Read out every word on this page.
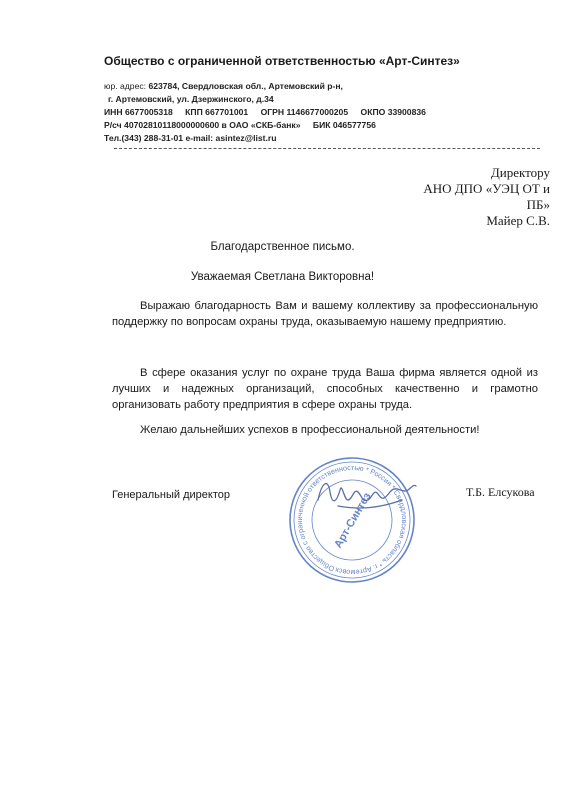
Общество с ограниченной ответственностью «Арт-Синтез»
юр. адрес: 623784, Свердловская обл., Артемовский р-н,
г. Артемовский, ул. Дзержинского, д.34
ИНН 6677005318 КПП 667701001 ОГРН 1146677000205 ОКПО 33900836
Р/сч 40702810118000000600 в ОАО «СКБ-банк» БИК 046577756
Тел.(343) 288-31-01 e-mail: asintez@list.ru
Директору
АНО ДПО «УЭЦ ОТ и
ПБ»
Майер С.В.
Благодарственное письмо.
Уважаемая Светлана Викторовна!
Выражаю благодарность Вам и вашему коллективу за профессиональную поддержку по вопросам охраны труда, оказываемую нашему предприятию.
В сфере оказания услуг по охране труда Ваша фирма является одной из лучших и надежных организаций, способных качественно и грамотно организовать работу предприятия в сфере охраны труда.
Желаю дальнейших успехов в профессиональной деятельности!
Генеральный директор	Т.Б. Елсукова
Общество с ограниченной ответственностью * Россия * Свердловская область * г. Артемовский
Арт-Синтез
